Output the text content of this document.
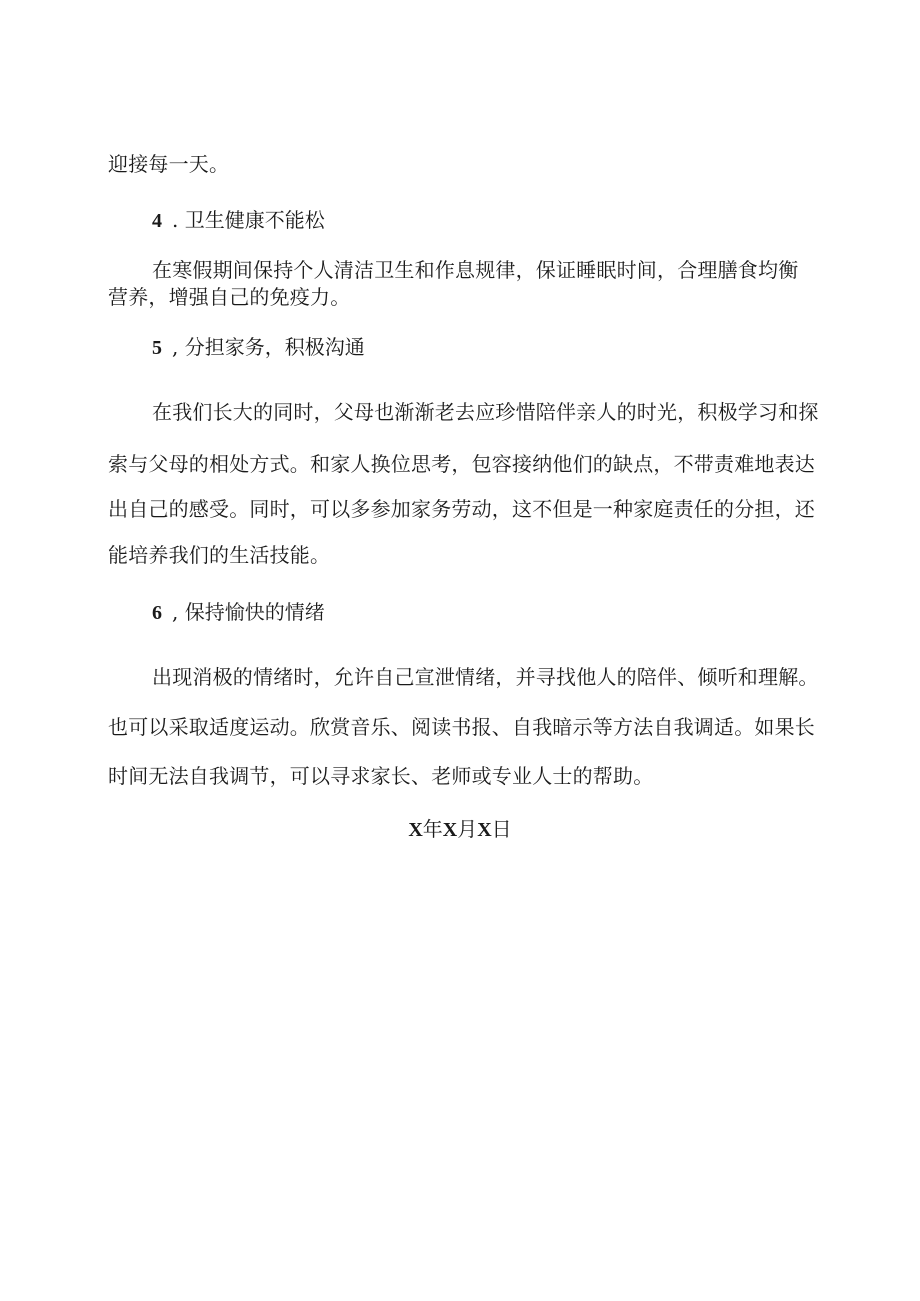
迎接每一天。
4 . 卫生健康不能松
在寒假期间保持个人清洁卫生和作息规律，保证睡眠时间，合理膳食均衡
营养，增强自己的免疫力。
5 , 分担家务，积极沟通
在我们长大的同时，父母也渐渐老去应珍惜陪伴亲人的时光，积极学习和探
索与父母的相处方式。和家人换位思考，包容接纳他们的缺点，不带责难地表达
出自己的感受。同时，可以多参加家务劳动，这不但是一种家庭责任的分担，还
能培养我们的生活技能。
6 , 保持愉快的情绪
出现消极的情绪时，允许自己宣泄情绪，并寻找他人的陪伴、倾听和理解。
也可以采取适度运动。欣赏音乐、阅读书报、自我暗示等方法自我调适。如果长
时间无法自我调节，可以寻求家长、老师或专业人士的帮助。
X年X月X日
